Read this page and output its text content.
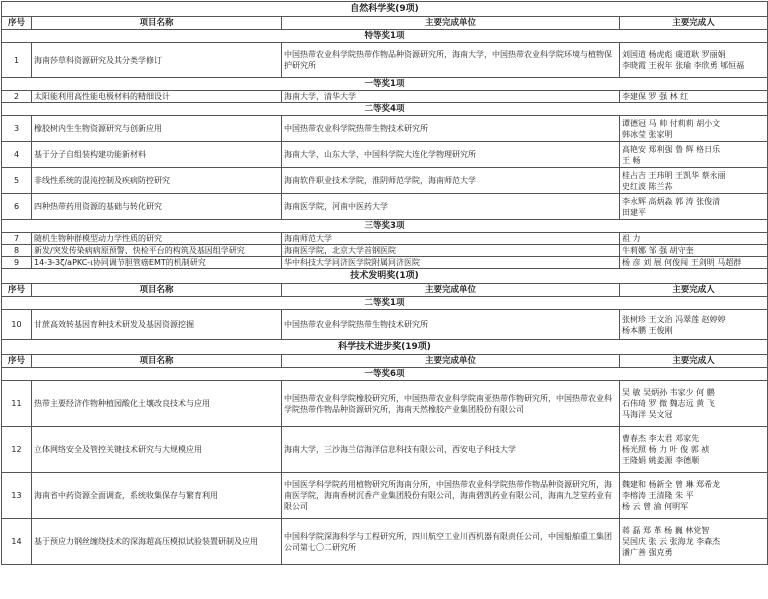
自然科学奖(9项)			
序号	项目名称	主要完成单位	主要完成人
特等奖1项			
1	海南莎草科资源研究及其分类学修订	中国热带农业科学院热带作物品种资源研究所，海南大学，中国热带农业科学院环境与植物保护研究所	刘国道 杨虎彪 虞道耿 罗丽娟
李晓霞 王祝年 张瑜 李欣勇 郇恒福
一等奖1项			
2	太阳能利用高性能电极材料的精细设计	海南大学，清华大学	李建保 罗 强 林 红
二等奖4项			
3	橡胶树内生生物资源研究与创新应用	中国热带农业科学院热带生物技术研究所	谭德冠 马 帅 付莉莉 胡小文
韩冰莹 张家明
4	基于分子自组装构建功能新材料	海南大学，山东大学，中国科学院大连化学物理研究所	高艳安 郑利强 鲁 辉 格日乐
王 畅
5	非线性系统的混沌控制及疾病防控研究	海南软件职业技术学院，淮阴师范学院，海南师范大学	桂占吉 王玮明 王凯华 蔡永丽
史红波 陈兰荪
6	四种热带药用资源的基础与转化研究	海南医学院，河南中医药大学	李永辉 高炳淼 郭 涛 张俊清
田建平
三等奖3项			
7	随机生物种群模型动力学性质的研究	海南师范大学	祖 力
8	新发/突发传染病病原预警、快检平台的构筑及基因组学研究	海南医学院，北京大学首钢医院	牛莉娜 邹 强 胡守奎
9	14-3-3ζ/aPKC-ι协同调节胆管癌EMT的机制研究	华中科技大学同济医学院附属同济医院	杨 彦 刘 展 何俊闯 王剑明 马超群
技术发明奖(1项)			
序号	项目名称	主要完成单位	主要完成人
二等奖1项			
10	甘蔗高效转基因育种技术研发及基因资源挖掘	中国热带农业科学院热带生物技术研究所	张树珍 王文治 冯翠莲 赵婷婷
杨本鹏 王俊刚
科学技术进步奖(19项)			
序号	项目名称	主要完成单位	主要完成人
一等奖6项			
11	热带主要经济作物种植园酸化土壤改良技术与应用	中国热带农业科学院橡胶研究所，中国热带农业科学院南亚热带作物研究所，中国热带农业科学院热带作物品种资源研究所，海南天然橡胶产业集团股份有限公司	吴 敏 吴炳孙 韦家少 何 鹏
石伟琦 罗 微 魏志远 黄 飞
马海洋 吴文冠
12	立体网络安全及管控关键技术研究与大规模应用	海南大学，三沙海兰信海洋信息科技有限公司，西安电子科技大学	曹春杰 李太君 邓家先
杨光照 杨 力 叶 俊 郭 祯
王隆娟 姚姜源 李德顺
13	海南省中药资源全面调查，系统收集保存与繁育利用	中国医学科学院药用植物研究所海南分所，中国热带农业科学院热带作物品种资源研究所，海南医学院，海南香树沉香产业集团股份有限公司，海南碧凯药业有限公司，海南九芝堂药业有限公司	魏建和 杨新全 曾 琳 郑希龙
李榕涛 王清隆 朱 平
杨 云 曾 渝 何明军
14	基于预应力钢丝缠绕技术的深海超高压模拟试验装置研制及应用	中国科学院深海科学与工程研究所，四川航空工业川西机器有限责任公司，中国船舶重工集团公司第七〇二研究所	蒋 磊 郑 革 杨 巍 林党智
吴国庆 张 云 张海龙 李森杰
潘广善 强克勇
